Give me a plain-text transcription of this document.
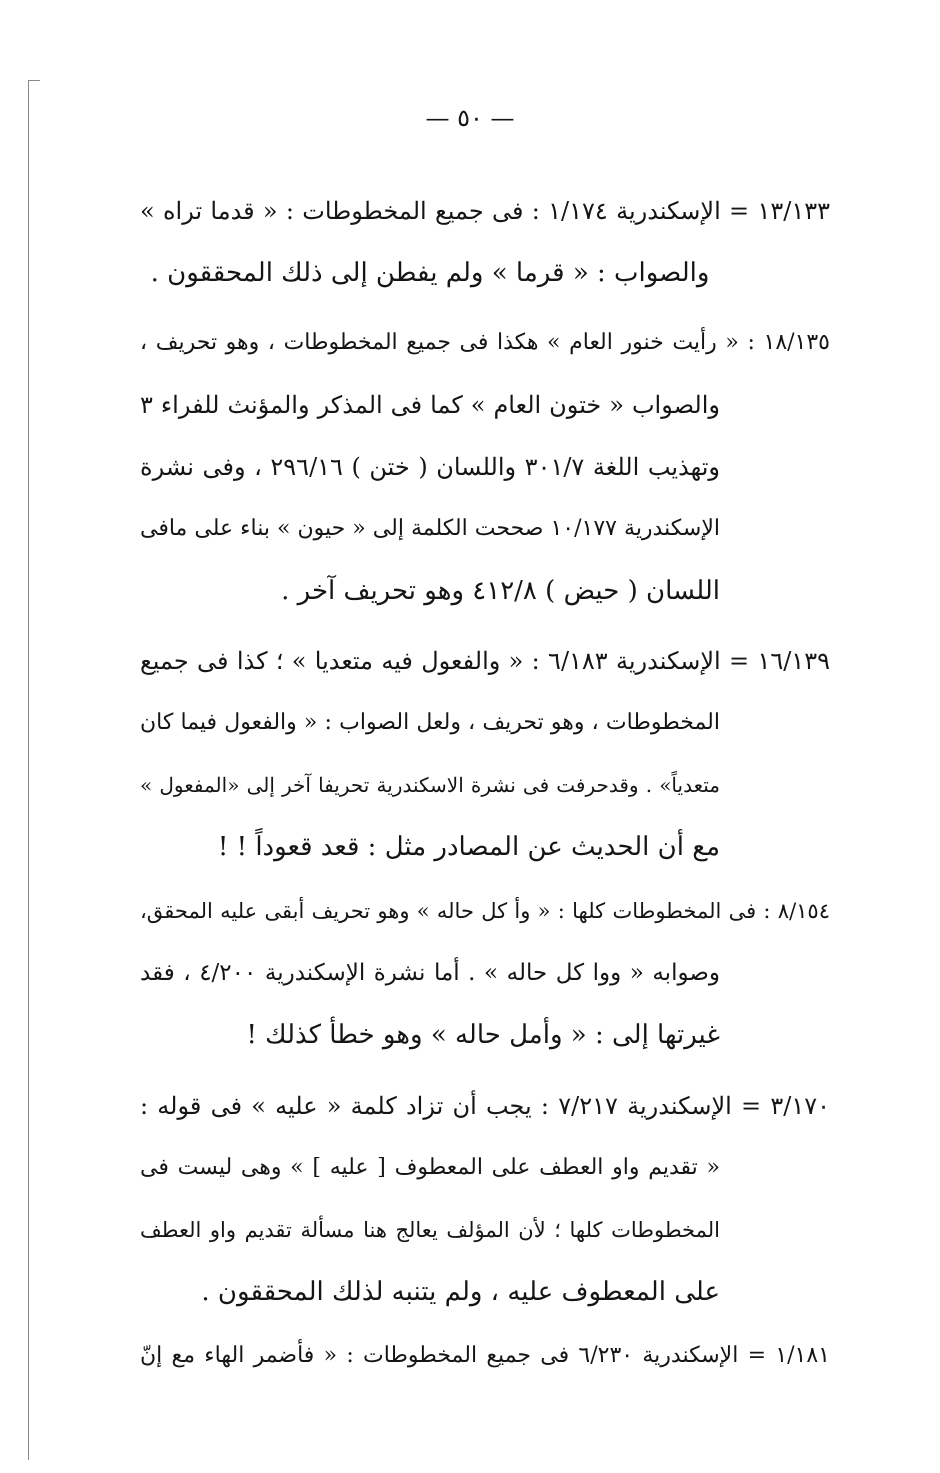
— ٥٠ —
١٣/١٣٣ = الإسكندرية ١/١٧٤ : فى جميع المخطوطات : « قدما تراه »
والصواب : « قرما » ولم يفطن إلى ذلك المحققون .
١٨/١٣٥ : « رأيت خنور العام » هكذا فى جميع المخطوطات ، وهو تحريف ،
والصواب « ختون العام » كما فى المذكر والمؤنث للفراء ٣
وتهذيب اللغة ٣٠١/٧ واللسان ( ختن ) ٢٩٦/١٦ ، وفى نشرة
الإسكندرية ١٠/١٧٧ صححت الكلمة إلى « حيون » بناء على مافى
اللسان ( حيض ) ٤١٢/٨ وهو تحريف آخر .
١٦/١٣٩ = الإسكندرية ٦/١٨٣ : « والفعول فيه متعديا » ؛ كذا فى جميع
المخطوطات ، وهو تحريف ، ولعل الصواب : « والفعول فيما كان
متعدياً» . وقدحرفت فى نشرة الاسكندرية تحريفا آخر إلى «المفعول »
مع أن الحديث عن المصادر مثل : قعد قعوداً ! !
٨/١٥٤ : فى المخطوطات كلها : « وأ كل حاله » وهو تحريف أبقى عليه المحقق،
وصوابه « ووا كل حاله » . أما نشرة الإسكندرية ٤/٢٠٠ ، فقد
غيرتها إلى : « وأمل حاله » وهو خطأ كذلك !
٣/١٧٠ = الإسكندرية ٧/٢١٧ : يجب أن تزاد كلمة « عليه » فى قوله :
« تقديم واو العطف على المعطوف [ عليه ] » وهى ليست فى
المخطوطات كلها ؛ لأن المؤلف يعالج هنا مسألة تقديم واو العطف
على المعطوف عليه ، ولم يتنبه لذلك المحققون .
١/١٨١ = الإسكندرية ٦/٢٣٠ فى جميع المخطوطات : « فأضمر الهاء مع إنّ
